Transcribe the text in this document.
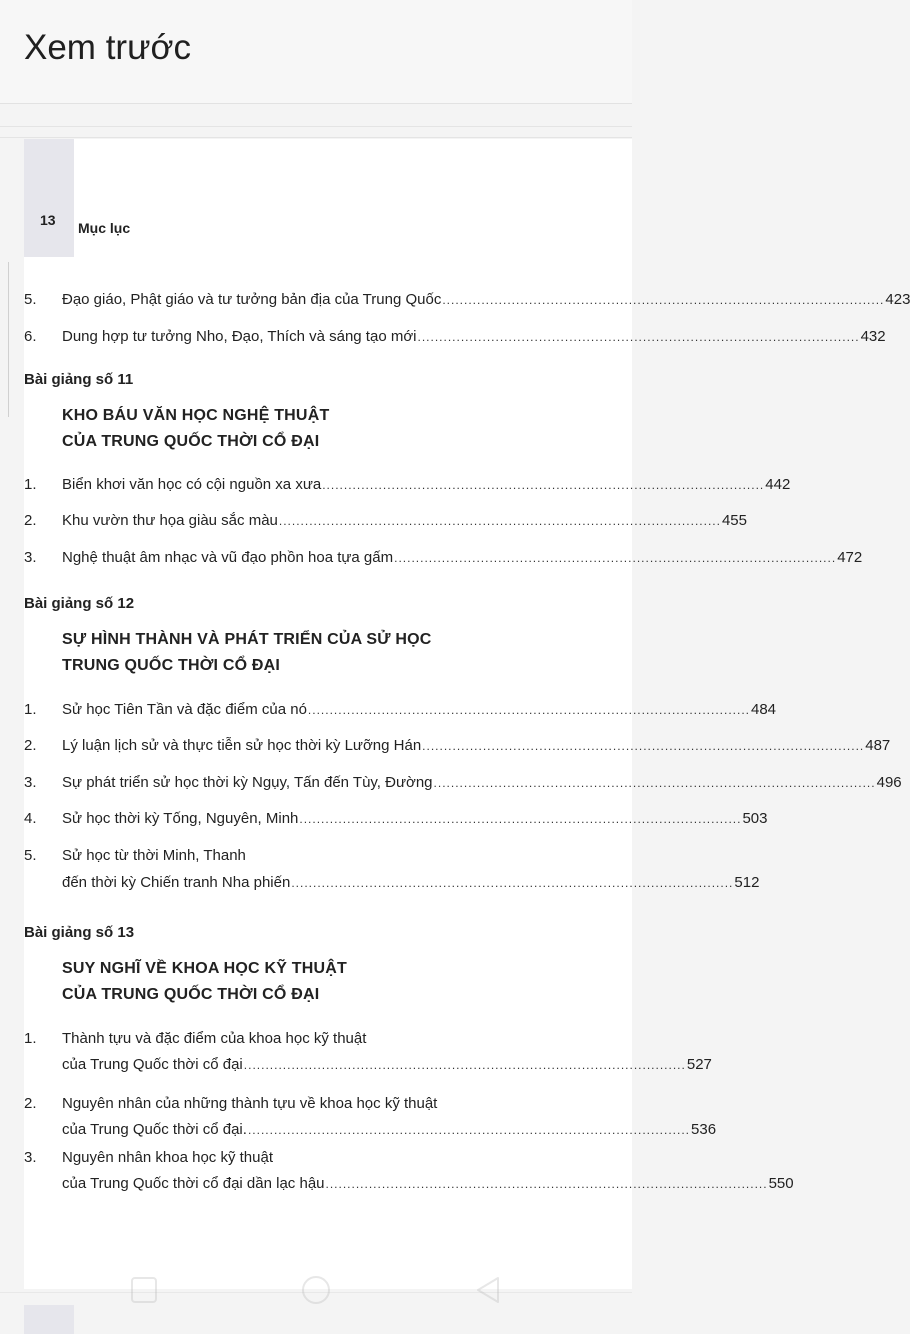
Xem trước
13 Mục lục
5.	Đạo giáo, Phật giáo và tư tưởng bản địa của Trung Quốc ...................................................................................................... 423
6.	Dung hợp tư tưởng Nho, Đạo, Thích và sáng tạo mới ...................................................................................................... 432
Bài giảng số 11
KHO BÁU VĂN HỌC NGHỆ THUẬT
CỦA TRUNG QUỐC THỜI CỔ ĐẠI
1.	Biển khơi văn học có cội nguồn xa xưa ...................................................................................................... 442
2.	Khu vườn thư họa giàu sắc màu ...................................................................................................... 455
3.	Nghệ thuật âm nhạc và vũ đạo phồn hoa tựa gấm ...................................................................................................... 472
Bài giảng số 12
SỰ HÌNH THÀNH VÀ PHÁT TRIỂN CỦA SỬ HỌC
TRUNG QUỐC THỜI CỔ ĐẠI
1.	Sử học Tiên Tần và đặc điểm của nó ...................................................................................................... 484
2.	Lý luận lịch sử và thực tiễn sử học thời kỳ Lưỡng Hán ...................................................................................................... 487
3.	Sự phát triển sử học thời kỳ Ngụy, Tấn đến Tùy, Đường ...................................................................................................... 496
4.	Sử học thời kỳ Tống, Nguyên, Minh ...................................................................................................... 503
5.	Sử học từ thời Minh, Thanh
đến thời kỳ Chiến tranh Nha phiến ...................................................................................................... 512
Bài giảng số 13
SUY NGHĨ VỀ KHOA HỌC KỸ THUẬT
CỦA TRUNG QUỐC THỜI CỔ ĐẠI
1.	Thành tựu và đặc điểm của khoa học kỹ thuật
của Trung Quốc thời cổ đại ...................................................................................................... 527
2.	Nguyên nhân của những thành tựu về khoa học kỹ thuật
của Trung Quốc thời cổ đại. ...................................................................................................... 536
3.	Nguyên nhân khoa học kỹ thuật
của Trung Quốc thời cổ đại dần lạc hậu ...................................................................................................... 550
